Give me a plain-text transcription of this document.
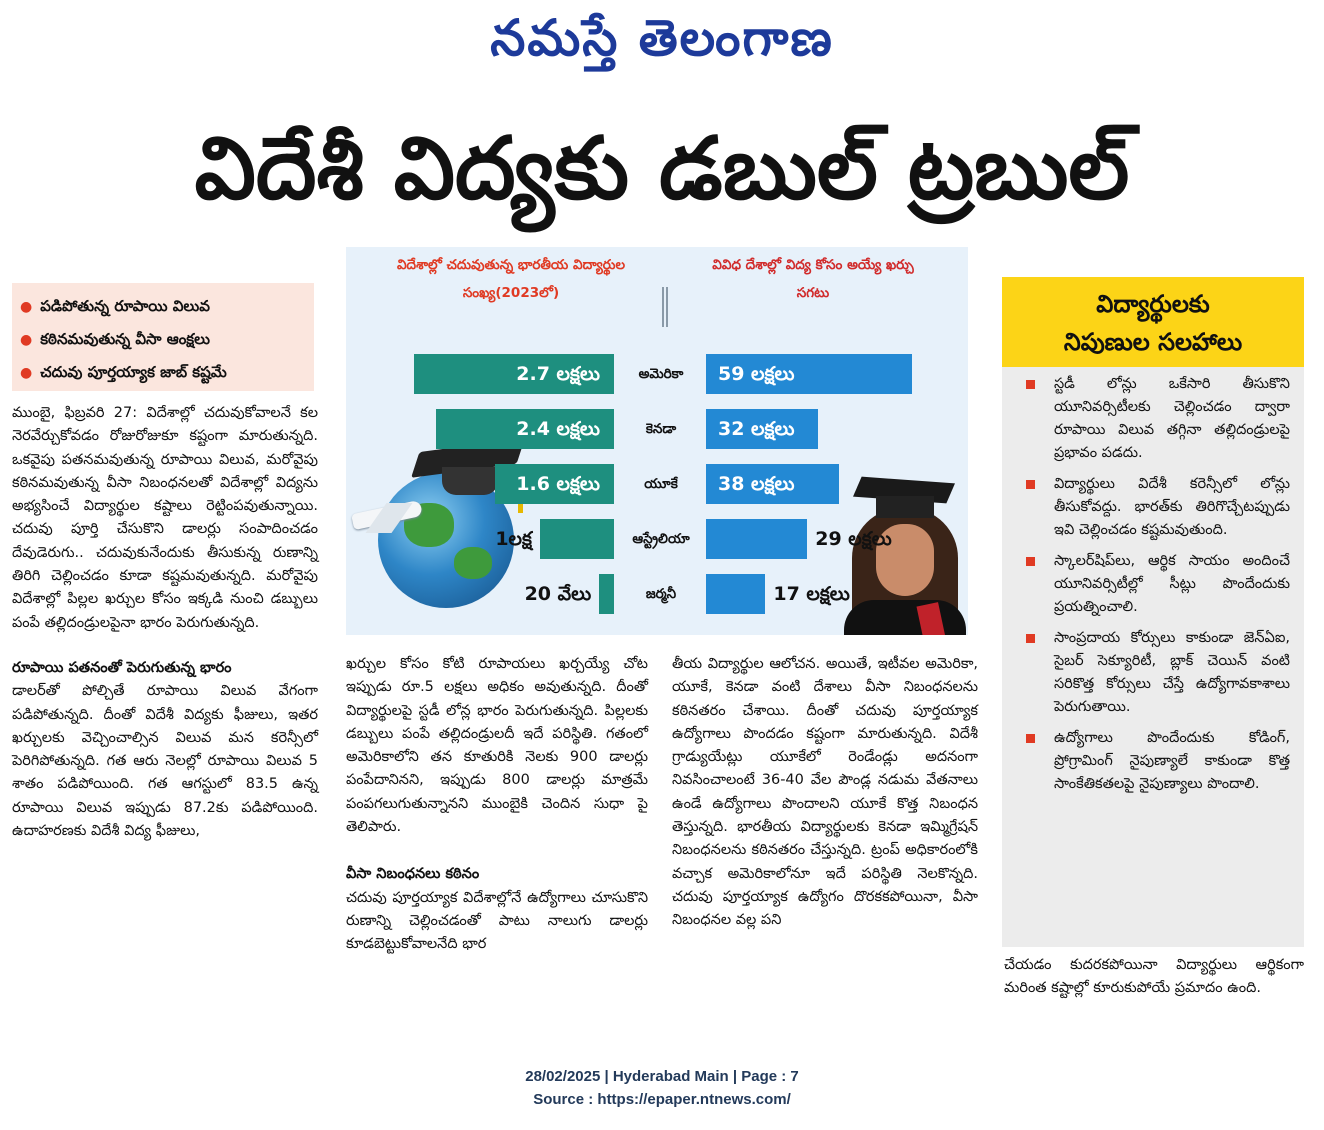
నమస్తే తెలంగాణ
విదేశీ విద్యకు డబుల్ ట్రబుల్
● పడిపోతున్న రూపాయి విలువ
● కఠినమవుతున్న వీసా ఆంక్షలు
● చదువు పూర్తయ్యాక జాబ్ కష్టమే

ముంబై, ఫిబ్రవరి 27: విదేశాల్లో చదువుకోవాలనే కల నెరవేర్చుకోవడం రోజురోజుకూ కష్టంగా మారుతున్నది. ఒకవైపు పతనమవుతున్న రూపాయి విలువ, మరోవైపు కఠినమవుతున్న వీసా నిబంధనలతో విదేశాల్లో విద్యను అభ్యసించే విద్యార్థుల కష్టాలు రెట్టింపవుతున్నాయి. చదువు పూర్తి చేసుకొని డాలర్లు సంపాదించడం దేవుడెరుగు.. చదువుకునేందుకు తీసుకున్న రుణాన్ని తిరిగి చెల్లించడం కూడా కష్టమవుతున్నది. మరోవైపు విదేశాల్లో పిల్లల ఖర్చుల కోసం ఇక్కడి నుంచి డబ్బులు పంపే తల్లిదండ్రులపైనా భారం పెరుగుతున్నది.

రూపాయి పతనంతో పెరుగుతున్న భారం

డాలర్‌తో పోల్చితే రూపాయి విలువ వేగంగా పడిపోతున్నది. దీంతో విదేశీ విద్యకు ఫీజులు, ఇతర ఖర్చులకు వెచ్చించాల్సిన విలువ మన కరెన్సీలో పెరిగిపోతున్నది. గత ఆరు నెలల్లో రూపాయి విలువ 5 శాతం పడిపోయింది. గత ఆగస్టులో 83.5 ఉన్న రూపాయి విలువ ఇప్పుడు 87.2కు పడిపోయింది. ఉదాహరణకు విదేశీ విద్య ఫీజులు,

విదేశాల్లో చదువుతున్న భారతీయ విద్యార్థుల సంఖ్య(2023లో)
వివిధ దేశాల్లో విద్య కోసం అయ్యే ఖర్చు సగటు
2.7 లక్షలు	అమెరికా	59 లక్షలు
2.4 లక్షలు	కెనడా	32 లక్షలు
1.6 లక్షలు	యూకే	38 లక్షలు
1లక్ష	ఆస్ట్రేలియా	29 లక్షలు
20 వేలు	జర్మనీ	17 లక్షలు

ఖర్చుల కోసం కోటి రూపాయలు ఖర్చయ్యే చోట ఇప్పుడు రూ.5 లక్షలు అధికం అవుతున్నది. దీంతో విద్యార్థులపై స్టడీ లోన్ల భారం పెరుగుతున్నది. పిల్లలకు డబ్బులు పంపే తల్లిదండ్రులదీ ఇదే పరిస్థితి. గతంలో అమెరికాలోని తన కూతురికి నెలకు 900 డాలర్లు పంపేదానినని, ఇప్పుడు 800 డాలర్లు మాత్రమే పంపగలుగుతున్నానని ముంబైకి చెందిన సుధా పై తెలిపారు.

వీసా నిబంధనలు కఠినం

చదువు పూర్తయ్యాక విదేశాల్లోనే ఉద్యోగాలు చూసుకొని రుణాన్ని చెల్లించడంతో పాటు నాలుగు డాలర్లు కూడబెట్టుకోవాలనేది భార

తీయ విద్యార్థుల ఆలోచన. అయితే, ఇటీవల అమెరికా, యూకే, కెనడా వంటి దేశాలు వీసా నిబంధనలను కఠినతరం చేశాయి. దీంతో చదువు పూర్తయ్యాక ఉద్యోగాలు పొందడం కష్టంగా మారుతున్నది. విదేశీ గ్రాడ్యుయేట్లు యూకేలో రెండేండ్లు అదనంగా నివసించాలంటే 36-40 వేల పౌండ్ల నడుమ వేతనాలు ఉండే ఉద్యోగాలు పొందాలని యూకే కొత్త నిబంధన తెస్తున్నది. భారతీయ విద్యార్థులకు కెనడా ఇమ్మిగ్రేషన్ నిబంధనలను కఠినతరం చేస్తున్నది. ట్రంప్ అధికారంలోకి వచ్చాక అమెరికాలోనూ ఇదే పరిస్థితి నెలకొన్నది. చదువు పూర్తయ్యాక ఉద్యోగం దొరకకపోయినా, వీసా నిబంధనల వల్ల పని

విద్యార్థులకు
నిపుణుల సలహాలు
స్టడీ లోన్లు ఒకేసారి తీసుకొని యూనివర్సిటీలకు చెల్లించడం ద్వారా రూపాయి విలువ తగ్గినా తల్లిదండ్రులపై ప్రభావం పడదు.
విద్యార్థులు విదేశీ కరెన్సీలో లోన్లు తీసుకోవద్దు. భారత్‌కు తిరిగొచ్చేటప్పుడు ఇవి చెల్లించడం కష్టమవుతుంది.
స్కాలర్‌షిప్‌లు, ఆర్థిక సాయం అందించే యూనివర్సిటీల్లో సీట్లు పొందేందుకు ప్రయత్నించాలి.
సాంప్రదాయ కోర్సులు కాకుండా జెన్ఏఐ, సైబర్ సెక్యూరిటీ, బ్లాక్ చెయిన్ వంటి సరికొత్త కోర్సులు చేస్తే ఉద్యోగావకాశాలు పెరుగుతాయి.
ఉద్యోగాలు పొందేందుకు కోడింగ్, ప్రోగ్రామింగ్ నైపుణ్యాలే కాకుండా కొత్త సాంకేతికతలపై నైపుణ్యాలు పొందాలి.

చేయడం కుదరకపోయినా విద్యార్థులు ఆర్థికంగా మరింత కష్టాల్లో కూరుకుపోయే ప్రమాదం ఉంది.

28/02/2025 | Hyderabad Main | Page : 7
Source : https://epaper.ntnews.com/
